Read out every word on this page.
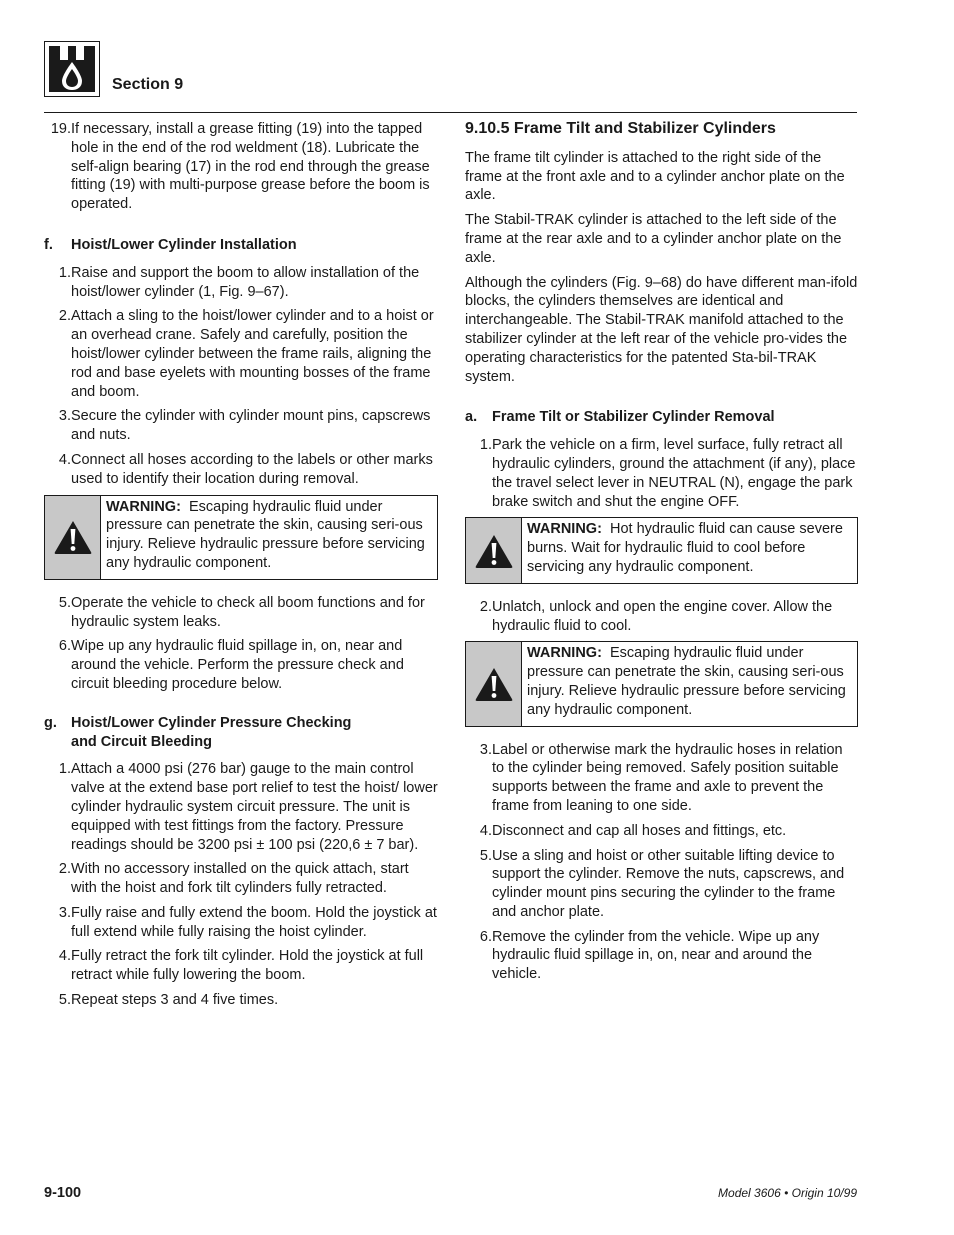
Section 9
19. If necessary, install a grease fitting (19) into the tapped hole in the end of the rod weldment (18). Lubricate the self-align bearing (17) in the rod end through the grease fitting (19) with multi-purpose grease before the boom is operated.
f.	Hoist/Lower Cylinder Installation
1. Raise and support the boom to allow installation of the hoist/lower cylinder (1, Fig. 9–67).
2. Attach a sling to the hoist/lower cylinder and to a hoist or an overhead crane. Safely and carefully, position the hoist/lower cylinder between the frame rails, aligning the rod and base eyelets with mounting bosses of the frame and boom.
3. Secure the cylinder with cylinder mount pins, capscrews and nuts.
4. Connect all hoses according to the labels or other marks used to identify their location during removal.
WARNING: Escaping hydraulic fluid under pressure can penetrate the skin, causing seri-ous injury. Relieve hydraulic pressure before servicing any hydraulic component.
5. Operate the vehicle to check all boom functions and for hydraulic system leaks.
6. Wipe up any hydraulic fluid spillage in, on, near and around the vehicle. Perform the pressure check and circuit bleeding procedure below.
g. Hoist/Lower Cylinder Pressure Checking
and Circuit Bleeding
1. Attach a 4000 psi (276 bar) gauge to the main control valve at the extend base port relief to test the hoist/ lower cylinder hydraulic system circuit pressure. The unit is equipped with test fittings from the factory. Pressure readings should be 3200 psi ± 100 psi (220,6 ± 7 bar).
2. With no accessory installed on the quick attach, start with the hoist and fork tilt cylinders fully retracted.
3. Fully raise and fully extend the boom. Hold the joystick at full extend while fully raising the hoist cylinder.
4. Fully retract the fork tilt cylinder. Hold the joystick at full retract while fully lowering the boom.
5. Repeat steps 3 and 4 five times.
9.10.5 Frame Tilt and Stabilizer Cylinders

The frame tilt cylinder is attached to the right side of the frame at the front axle and to a cylinder anchor plate on the axle.

The Stabil-TRAK cylinder is attached to the left side of the frame at the rear axle and to a cylinder anchor plate on the axle.

Although the cylinders (Fig. 9–68) do have different man-ifold blocks, the cylinders themselves are identical and interchangeable. The Stabil-TRAK manifold attached to the stabilizer cylinder at the left rear of the vehicle pro-vides the operating characteristics for the patented Sta-bil-TRAK system.

a.	Frame Tilt or Stabilizer Cylinder Removal
1. Park the vehicle on a firm, level surface, fully retract all hydraulic cylinders, ground the attachment (if any), place the travel select lever in NEUTRAL (N), engage the park brake switch and shut the engine OFF.
WARNING: Hot hydraulic fluid can cause severe burns. Wait for hydraulic fluid to cool before servicing any hydraulic component.
2. Unlatch, unlock and open the engine cover. Allow the hydraulic fluid to cool.
WARNING: Escaping hydraulic fluid under pressure can penetrate the skin, causing seri-ous injury. Relieve hydraulic pressure before servicing any hydraulic component.
3. Label or otherwise mark the hydraulic hoses in relation to the cylinder being removed. Safely position suitable supports between the frame and axle to prevent the frame from leaning to one side.
4. Disconnect and cap all hoses and fittings, etc.
5. Use a sling and hoist or other suitable lifting device to support the cylinder. Remove the nuts, capscrews, and cylinder mount pins securing the cylinder to the frame and anchor plate.
6. Remove the cylinder from the vehicle. Wipe up any hydraulic fluid spillage in, on, near and around the vehicle.
9-100	Model 3606 • Origin 10/99
